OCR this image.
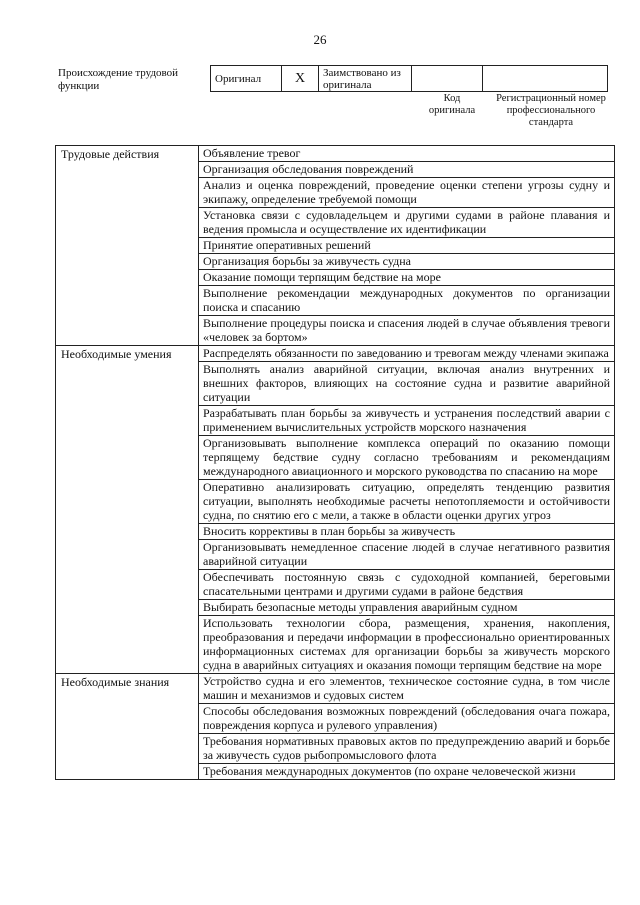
26
Происхождение трудовой функции
Оригинал	X	Заимствовано из оригинала		
Код оригинала
Регистрационный номер профессионального стандарта
Трудовые действия	Объявление тревог
	Организация обследования повреждений
	Анализ и оценка повреждений, проведение оценки степени угрозы судну и экипажу, определение требуемой помощи
	Установка связи с судовладельцем и другими судами в районе плавания и ведения промысла и осуществление их идентификации
	Принятие оперативных решений
	Организация борьбы за живучесть судна
	Оказание помощи терпящим бедствие на море
	Выполнение рекомендации международных документов по организации поиска и спасанию
	Выполнение процедуры поиска и спасения людей в случае объявления тревоги «человек за бортом»
Необходимые умения	Распределять обязанности по заведованию и тревогам между членами экипажа
	Выполнять анализ аварийной ситуации, включая анализ внутренних и внешних факторов, влияющих на состояние судна и развитие аварийной ситуации
	Разрабатывать план борьбы за живучесть и устранения последствий аварии с применением вычислительных устройств морского назначения
	Организовывать выполнение комплекса операций по оказанию помощи терпящему бедствие судну согласно требованиям и рекомендациям международного авиационного и морского руководства по спасанию на море
	Оперативно анализировать ситуацию, определять тенденцию развития ситуации, выполнять необходимые расчеты непотопляемости и остойчивости судна, по снятию его с мели, а также в области оценки других угроз
	Вносить коррективы в план борьбы за живучесть
	Организовывать немедленное спасение людей в случае негативного развития аварийной ситуации
	Обеспечивать постоянную связь с судоходной компанией, береговыми спасательными центрами и другими судами в районе бедствия
	Выбирать безопасные методы управления аварийным судном
	Использовать технологии сбора, размещения, хранения, накопления, преобразования и передачи информации в профессионально ориентированных информационных системах для организации борьбы за живучесть морского судна в аварийных ситуациях и оказания помощи терпящим бедствие на море
Необходимые знания	Устройство судна и его элементов, техническое состояние судна, в том числе машин и механизмов и судовых систем
	Способы обследования возможных повреждений (обследования очага пожара, повреждения корпуса и рулевого управления)
	Требования нормативных правовых актов по предупреждению аварий и борьбе за живучесть судов рыбопромыслового флота
	Требования международных документов (по охране человеческой жизни
